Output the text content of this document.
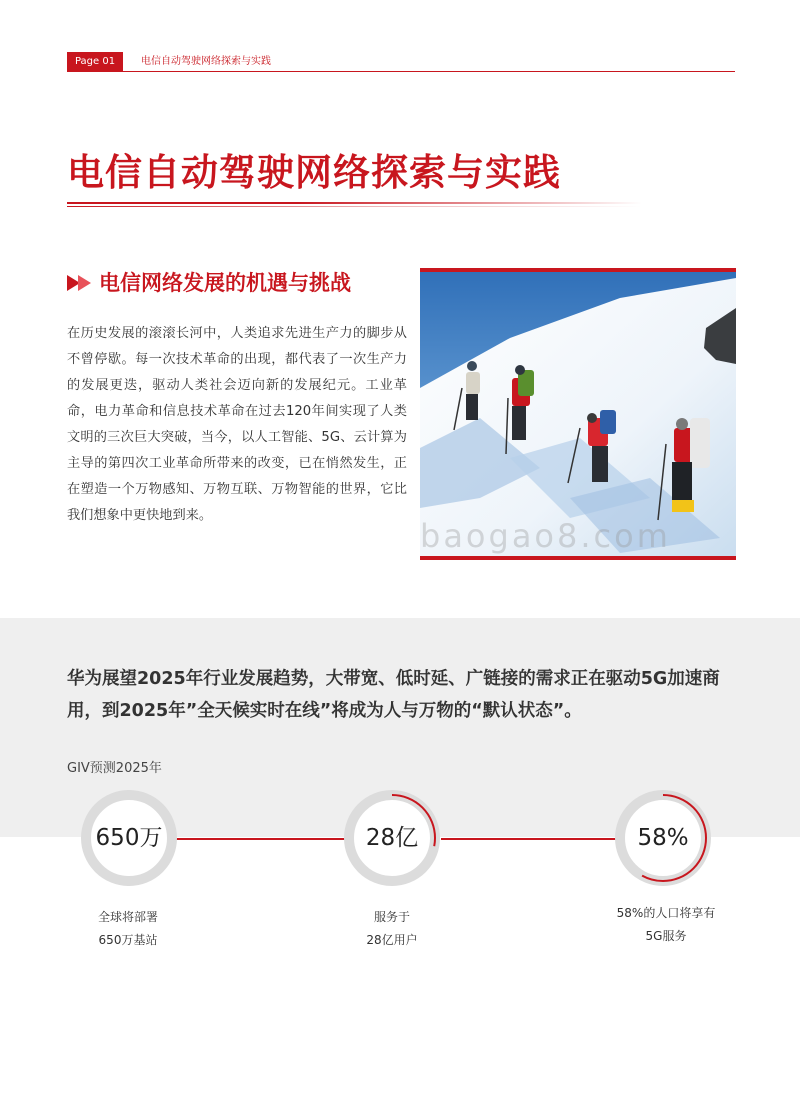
Page 01	电信自动驾驶网络探索与实践
电信自动驾驶网络探索与实践
电信网络发展的机遇与挑战
在历史发展的滚滚长河中，人类追求先进生产力的脚步从不曾停歇。每一次技术革命的出现，都代表了一次生产力的发展更迭，驱动人类社会迈向新的发展纪元。工业革命，电力革命和信息技术革命在过去120年间实现了人类文明的三次巨大突破，当今，以人工智能、5G、云计算为主导的第四次工业革命所带来的改变，已在悄然发生，正在塑造一个万物感知、万物互联、万物智能的世界，它比我们想象中更快地到来。
baogao8.com
华为展望2025年行业发展趋势，大带宽、低时延、广链接的需求正在驱动5G加速商用，到2025年”全天候实时在线”将成为人与万物的“默认状态”。
GIV预测2025年
650万	28亿	58%
全球将部署
650万基站
服务于
28亿用户
58%的人口将享有
5G服务
